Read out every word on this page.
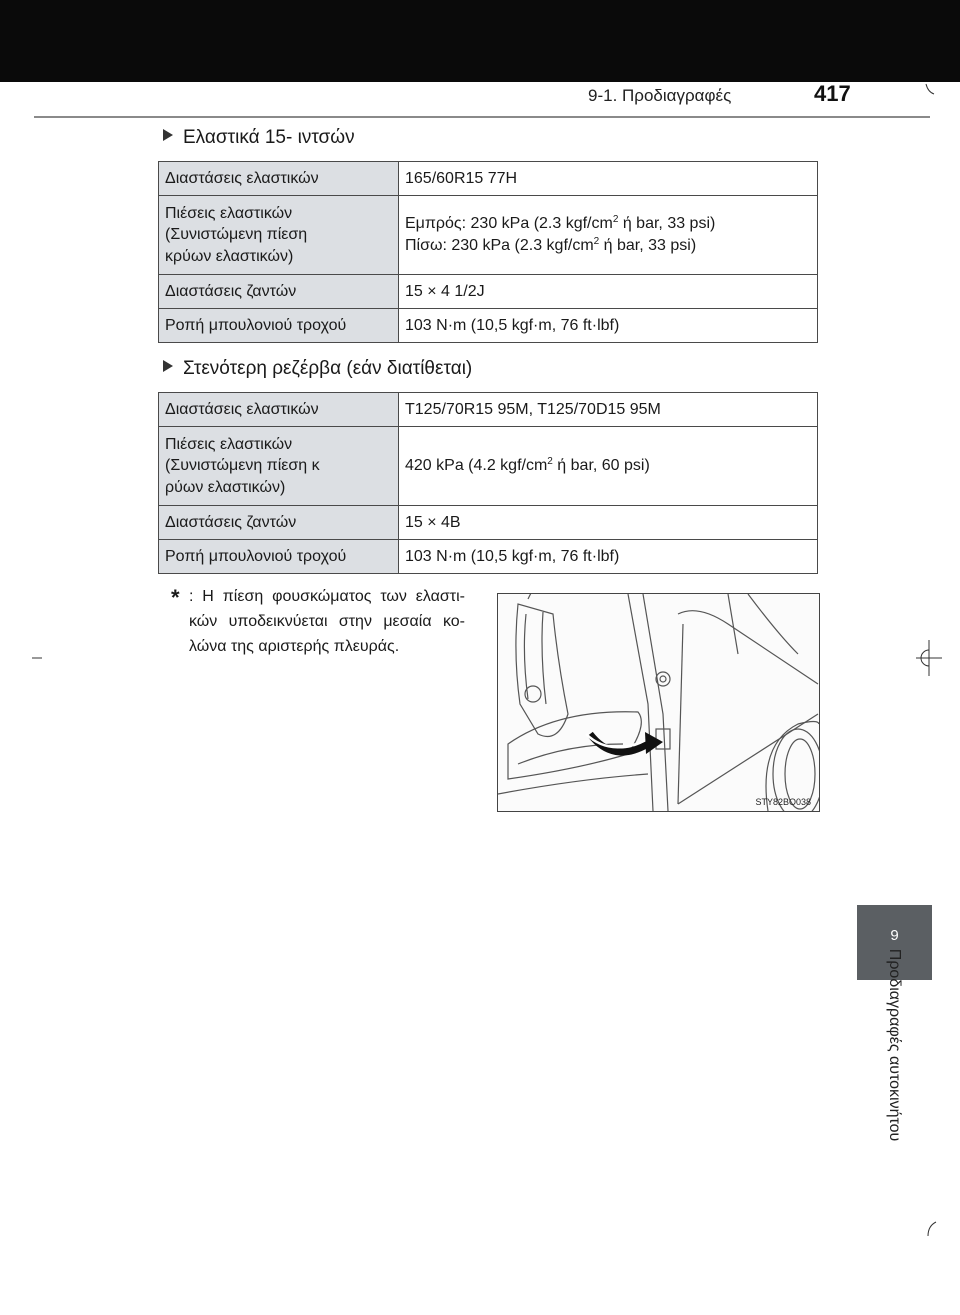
9-1. Προδιαγραφές	417
Ελαστικά 15- ιντσών
Διαστάσεις ελαστικών	165/60R15 77H
Πιέσεις ελαστικών
(Συνιστώμενη πίεση
κρύων ελαστικών)	Εμπρός: 230 kPa (2.3 kgf/$cm^2$ ή bar, 33 psi)
Πίσω: 230 kPa (2.3 kgf/$cm^2$ ή bar, 33 psi)
Διαστάσεις ζαντών	15 × 4 1/2J
Ροπή μπουλονιού τροχού	103 N·m (10,5 kgf·m, 76 ft·lbf)
Στενότερη ρεζέρβα (εάν διατίθεται)
Διαστάσεις ελαστικών	T125/70R15 95M, T125/70D15 95M
Πιέσεις ελαστικών
(Συνιστώμενη πίεση κ
ρύων ελαστικών)	420 kPa (4.2 kgf/$cm^2$ ή bar, 60 psi)
Διαστάσεις ζαντών	15 × 4B
Ροπή μπουλονιού τροχού	103 N·m (10,5 kgf·m, 76 ft·lbf)
* : Η πίεση φουσκώματος των ελαστι-κών υποδεικνύεται στην μεσαία κο-λώνα της αριστερής πλευράς.
STY82BO038
9
Προδιαγραφές αυτοκινήτου
